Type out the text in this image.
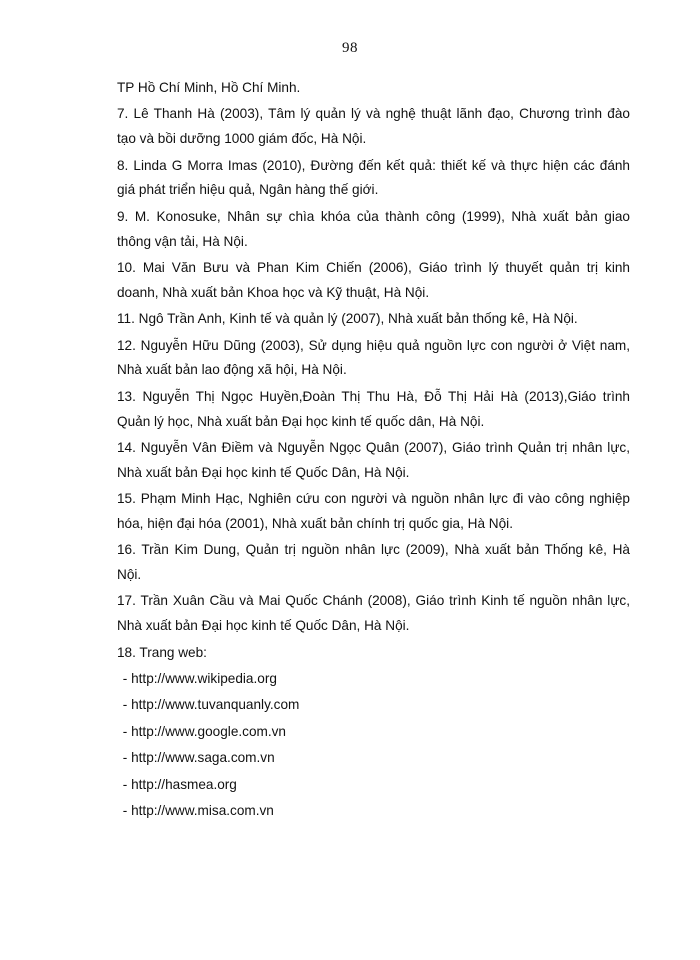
98
TP Hồ Chí Minh, Hồ Chí Minh.
7. Lê Thanh Hà (2003), Tâm lý quản lý và nghệ thuật lãnh đạo, Chương trình đào
tạo và bồi dưỡng 1000 giám đốc, Hà Nội.
8. Linda G Morra Imas (2010), Đường đến kết quả: thiết kế và thực hiện các đánh
giá phát triển hiệu quả, Ngân hàng thế giới.
9. M. Konosuke, Nhân sự chìa khóa của thành công (1999), Nhà xuất bản giao
thông vận tải, Hà Nội.
10. Mai Văn Bưu và Phan Kim Chiến (2006), Giáo trình lý thuyết quản trị kinh
doanh, Nhà xuất bản Khoa học và Kỹ thuật, Hà Nội.
11. Ngô Trần Anh, Kinh tế và quản lý (2007), Nhà xuất bản thống kê, Hà Nội.
12. Nguyễn Hữu Dũng (2003), Sử dụng hiệu quả nguồn lực con người ở Việt nam,
Nhà xuất bản lao động xã hội, Hà Nội.
13. Nguyễn Thị Ngọc Huyền,Đoàn Thị Thu Hà, Đỗ Thị Hải Hà (2013),Giáo trình
Quản lý học, Nhà xuất bản Đại học kinh tế quốc dân, Hà Nội.
14. Nguyễn Vân Điềm và Nguyễn Ngọc Quân (2007), Giáo trình Quản trị nhân lực,
Nhà xuất bản Đại học kinh tế Quốc Dân, Hà Nội.
15. Phạm Minh Hạc, Nghiên cứu con người và nguồn nhân lực đi vào công nghiệp
hóa, hiện đại hóa (2001), Nhà xuất bản chính trị quốc gia, Hà Nội.
16. Trần Kim Dung, Quản trị nguồn nhân lực (2009), Nhà xuất bản Thống kê, Hà
Nội.
17. Trần Xuân Cầu và Mai Quốc Chánh (2008), Giáo trình Kinh tế nguồn nhân lực,
Nhà xuất bản Đại học kinh tế Quốc Dân, Hà Nội.
18. Trang web:
- http://www.wikipedia.org
- http://www.tuvanquanly.com
- http://www.google.com.vn
- http://www.saga.com.vn
- http://hasmea.org
- http://www.misa.com.vn
